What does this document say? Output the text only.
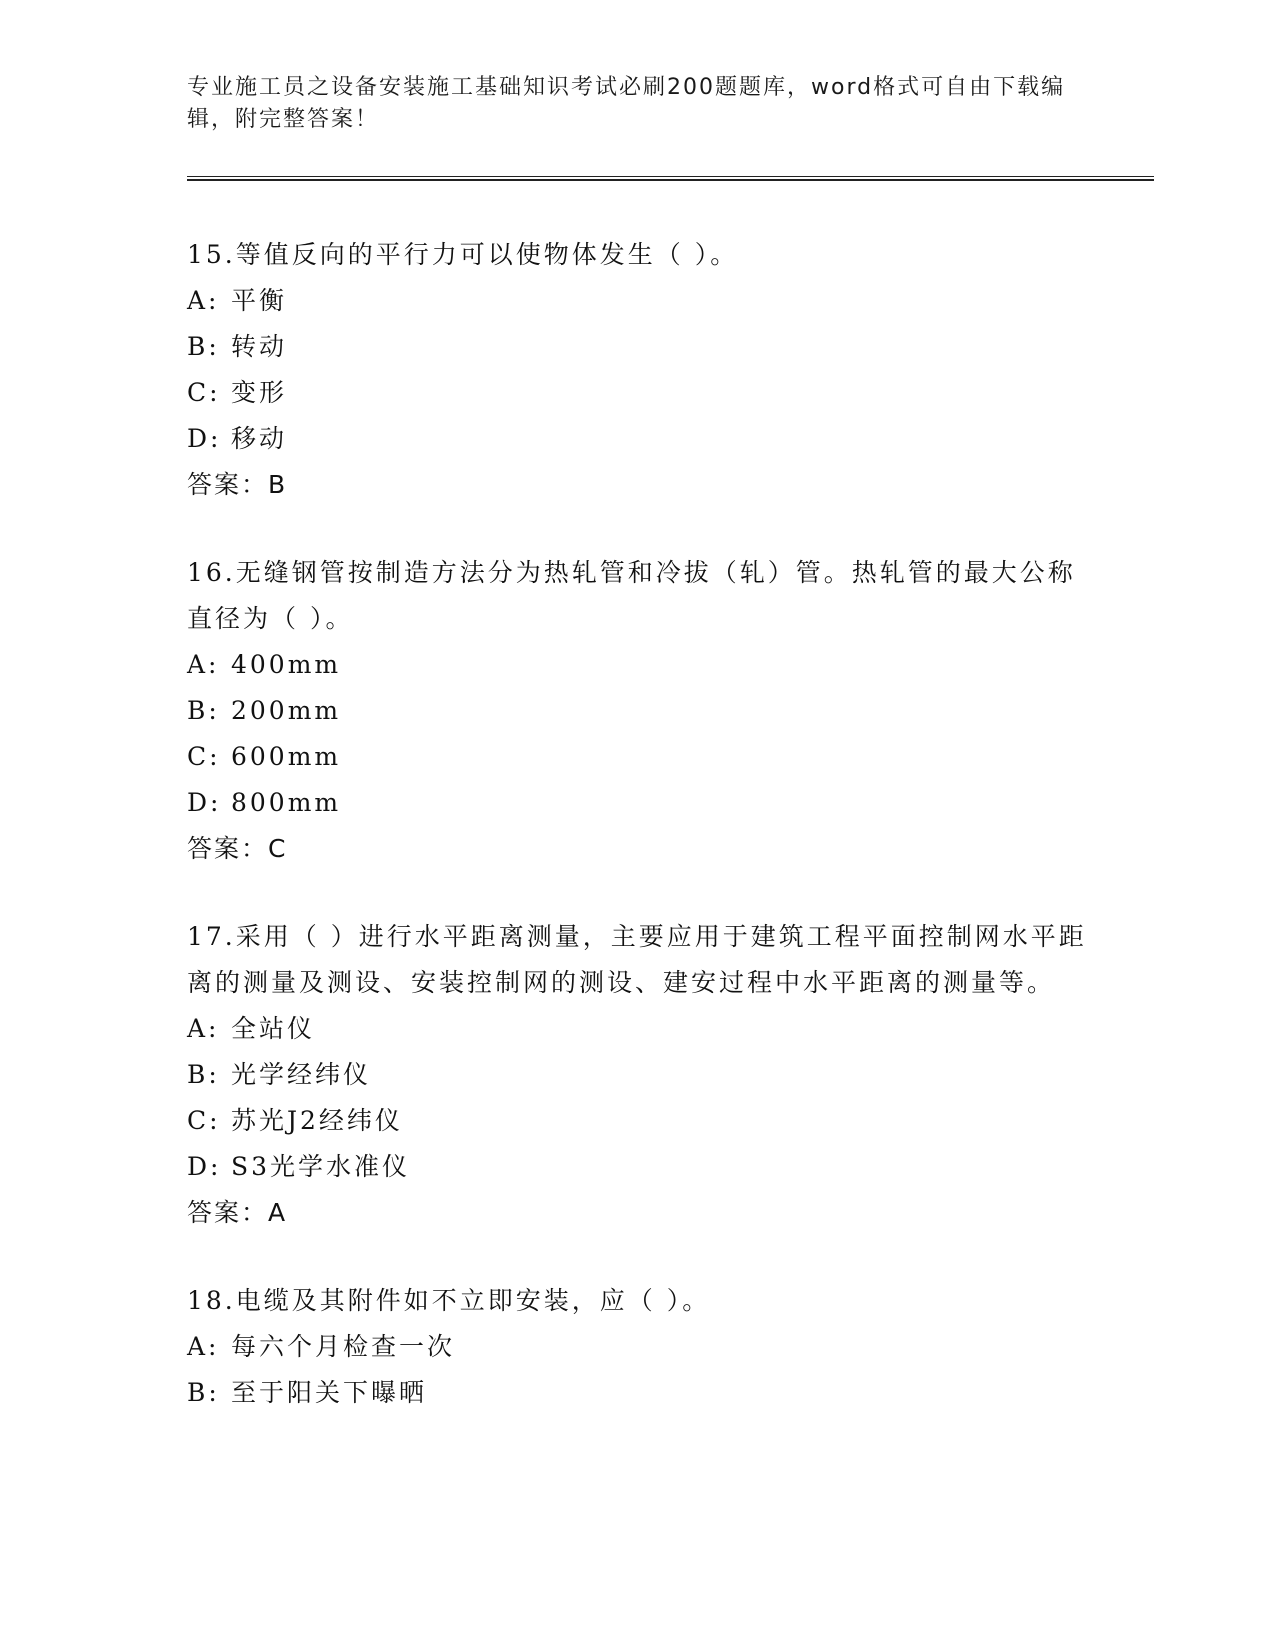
专业施工员之设备安装施工基础知识考试必刷200题题库，word格式可自由下载编辑，附完整答案！
15.等值反向的平行力可以使物体发生（ ）。
A: 平衡
B: 转动
C: 变形
D: 移动
答案：B
16.无缝钢管按制造方法分为热轧管和冷拔（轧）管。热轧管的最大公称直径为（ ）。
A: 400mm
B: 200mm
C: 600mm
D: 800mm
答案：C
17.采用（ ）进行水平距离测量，主要应用于建筑工程平面控制网水平距离的测量及测设、安装控制网的测设、建安过程中水平距离的测量等。
A: 全站仪
B: 光学经纬仪
C: 苏光J2经纬仪
D: S3光学水准仪
答案：A
18.电缆及其附件如不立即安装，应（ ）。
A: 每六个月检查一次
B: 至于阳关下曝晒
